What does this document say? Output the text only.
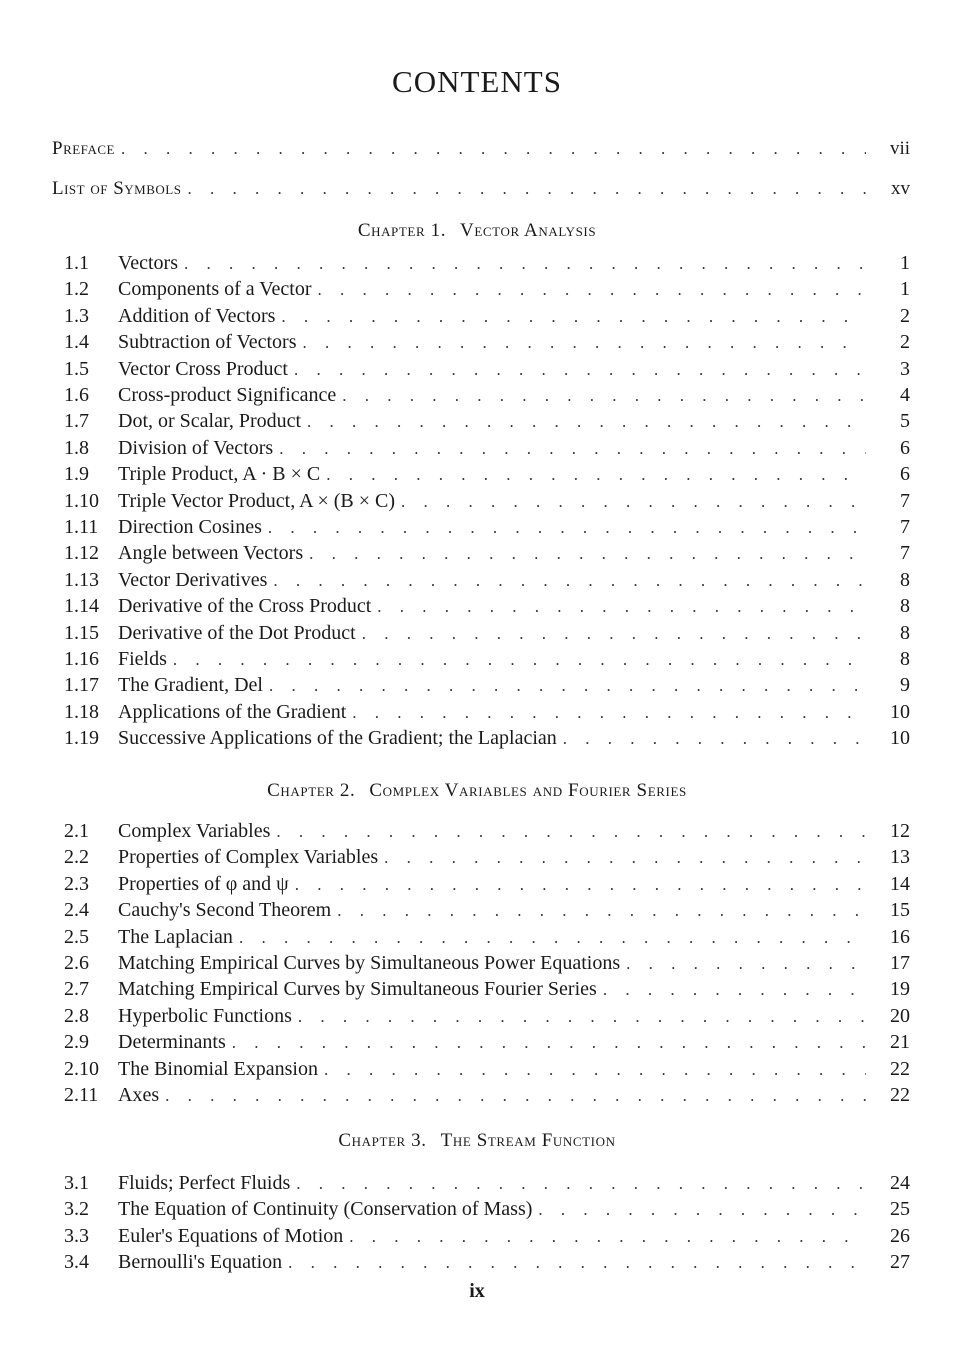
CONTENTS
Preface . . .	vii
List of Symbols . . .	xv
Chapter 1. Vector Analysis
1.1	Vectors . . .	1
1.2	Components of a Vector . . .	1
1.3	Addition of Vectors . . .	2
1.4	Subtraction of Vectors . . .	2
1.5	Vector Cross Product . . .	3
1.6	Cross-product Significance . . .	4
1.7	Dot, or Scalar, Product . . .	5
1.8	Division of Vectors . . .	6
1.9	Triple Product, A · B × C . . .	6
1.10 Triple Vector Product, A × (B × C) . . .	7
1.11 Direction Cosines . . .	7
1.12 Angle between Vectors . . .	7
1.13 Vector Derivatives . . .	8
1.14 Derivative of the Cross Product . . .	8
1.15 Derivative of the Dot Product . . .	8
1.16 Fields . . .	8
1.17 The Gradient, Del . . .	9
1.18 Applications of the Gradient . . .	10
1.19 Successive Applications of the Gradient; the Laplacian . . .	10
Chapter 2. Complex Variables and Fourier Series
2.1	Complex Variables . . .	12
2.2	Properties of Complex Variables . . .	13
2.3	Properties of φ and ψ . . .	14
2.4	Cauchy's Second Theorem . . .	15
2.5	The Laplacian . . .	16
2.6	Matching Empirical Curves by Simultaneous Power Equations . . .	17
2.7	Matching Empirical Curves by Simultaneous Fourier Series . . .	19
2.8	Hyperbolic Functions . . .	20
2.9	Determinants . . .	21
2.10 The Binomial Expansion . . .	22
2.11 Axes . . .	22
Chapter 3. The Stream Function
3.1	Fluids; Perfect Fluids . . .	24
3.2	The Equation of Continuity (Conservation of Mass) . . .	25
3.3	Euler's Equations of Motion . . .	26
3.4	Bernoulli's Equation . . .	27
ix
